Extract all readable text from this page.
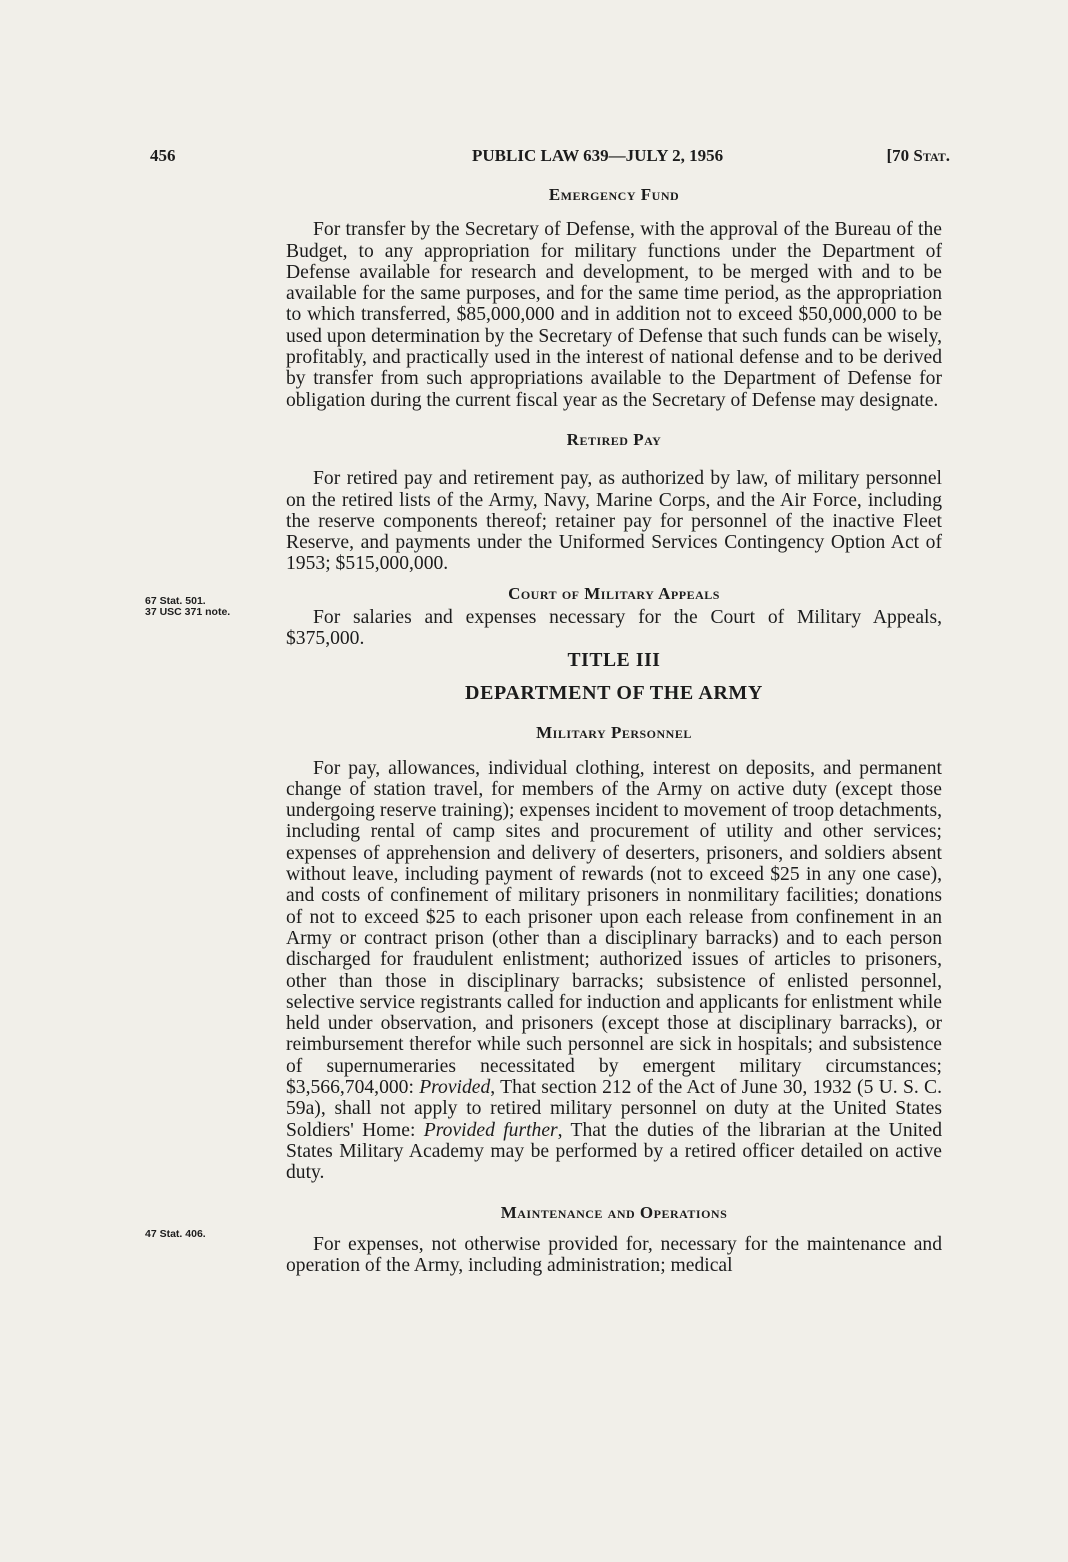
456	PUBLIC LAW 639—JULY 2, 1956	[70 Stat.
67 Stat. 501.
37 USC 371 note.
47 Stat. 406.
Emergency Fund

For transfer by the Secretary of Defense, with the approval of the Bureau of the Budget, to any appropriation for military functions under the Department of Defense available for research and development, to be merged with and to be available for the same purposes, and for the same time period, as the appropriation to which transferred, $85,000,000 and in addition not to exceed $50,000,000 to be used upon determination by the Secretary of Defense that such funds can be wisely, profitably, and practically used in the interest of national defense and to be derived by transfer from such appropriations available to the Department of Defense for obligation during the current fiscal year as the Secretary of Defense may designate.

Retired Pay

For retired pay and retirement pay, as authorized by law, of military personnel on the retired lists of the Army, Navy, Marine Corps, and the Air Force, including the reserve components thereof; retainer pay for personnel of the inactive Fleet Reserve, and payments under the Uniformed Services Contingency Option Act of 1953; $515,000,000.

Court of Military Appeals

For salaries and expenses necessary for the Court of Military Appeals, $375,000.

TITLE III
DEPARTMENT OF THE ARMY
Military Personnel

For pay, allowances, individual clothing, interest on deposits, and permanent change of station travel, for members of the Army on active duty (except those undergoing reserve training); expenses incident to movement of troop detachments, including rental of camp sites and procurement of utility and other services; expenses of apprehension and delivery of deserters, prisoners, and soldiers absent without leave, including payment of rewards (not to exceed $25 in any one case), and costs of confinement of military prisoners in nonmilitary facilities; donations of not to exceed $25 to each prisoner upon each release from confinement in an Army or contract prison (other than a disciplinary barracks) and to each person discharged for fraudulent enlistment; authorized issues of articles to prisoners, other than those in disciplinary barracks; subsistence of enlisted personnel, selective service registrants called for induction and applicants for enlistment while held under observation, and prisoners (except those at disciplinary barracks), or reimbursement therefor while such personnel are sick in hospitals; and subsistence of supernumeraries necessitated by emergent military circumstances; $3,566,704,000: Provided, That section 212 of the Act of June 30, 1932 (5 U. S. C. 59a), shall not apply to retired military personnel on duty at the United States Soldiers' Home: Provided further, That the duties of the librarian at the United States Military Academy may be performed by a retired officer detailed on active duty.

Maintenance and Operations

For expenses, not otherwise provided for, necessary for the maintenance and operation of the Army, including administration; medical
